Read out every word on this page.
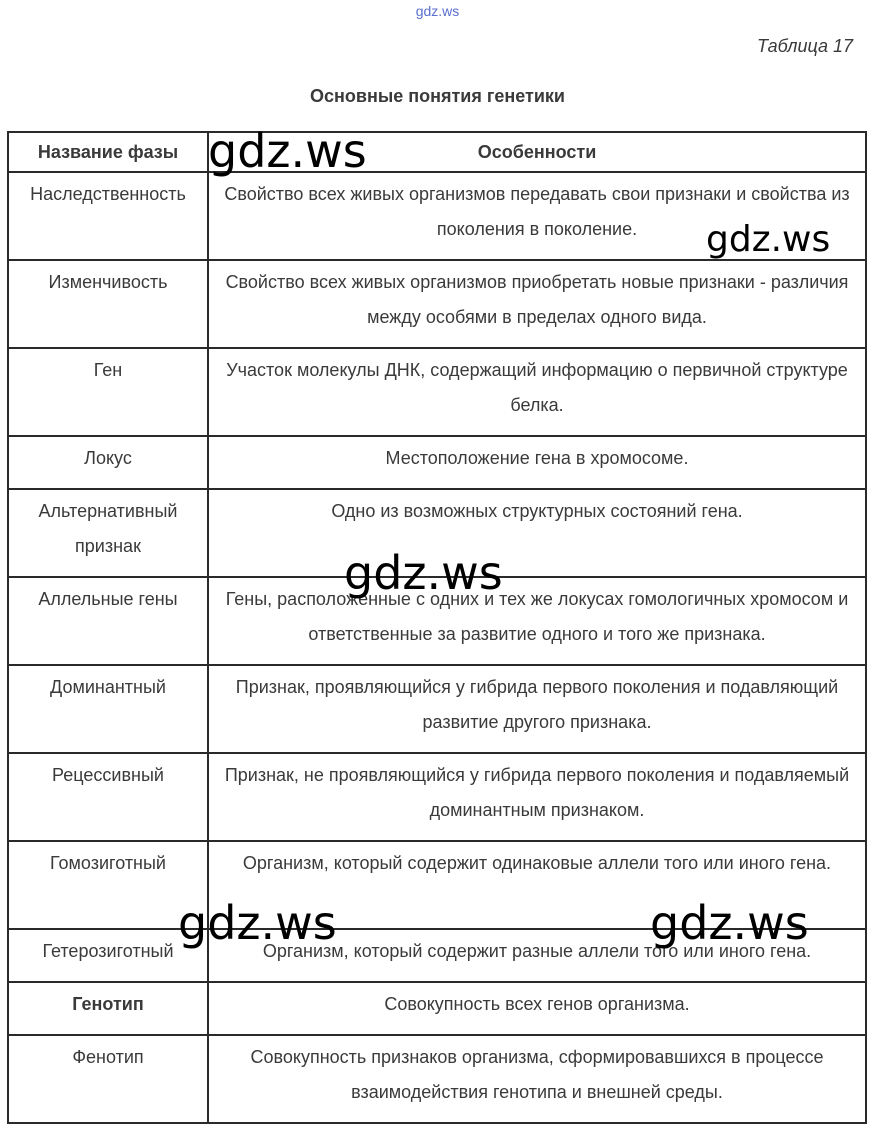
gdz.ws
Таблица 17
Основные понятия генетики
Название фазы	Особенности
Наследственность	Свойство всех живых организмов передавать свои признаки и свойства из поколения в поколение.
Изменчивость	Свойство всех живых организмов приобретать новые признаки - различия между особями в пределах одного вида.
Ген	Участок молекулы ДНК, содержащий информацию о первичной структуре белка.
Локус	Местоположение гена в хромосоме.
Альтернативный признак	Одно из возможных структурных состояний гена.
Аллельные гены	Гены, расположенные с одних и тех же локусах гомологичных хромосом и ответственные за развитие одного и того же признака.
Доминантный	Признак, проявляющийся у гибрида первого поколения и подавляющий развитие другого признака.
Рецессивный	Признак, не проявляющийся у гибрида первого поколения и подавляемый доминантным признаком.
Гомозиготный	Организм, который содержит одинаковые аллели того или иного гена.
Гетерозиготный	Организм, который содержит разные аллели того или иного гена.
Генотип	Совокупность всех генов организма.
Фенотип	Совокупность признаков организма, сформировавшихся в процессе взаимодействия генотипа и внешней среды.
gdz.ws
gdz.ws
gdz.ws
gdz.ws	gdz.ws
